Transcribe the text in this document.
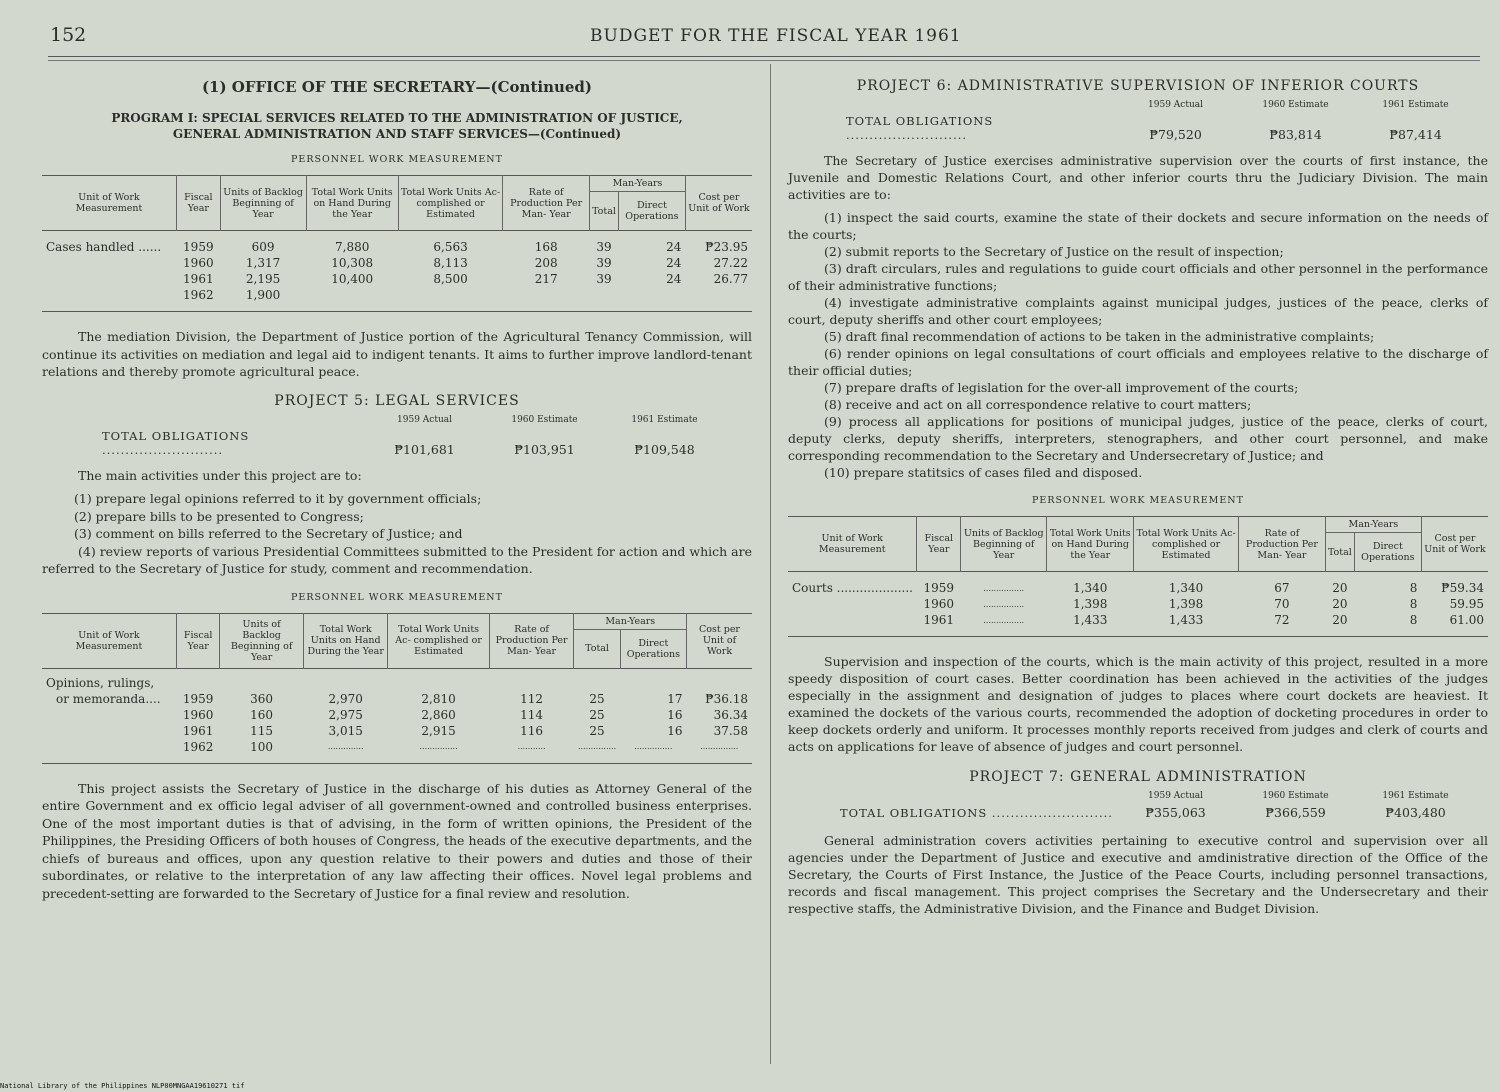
152	BUDGET FOR THE FISCAL YEAR 1961
(1) OFFICE OF THE SECRETARY—(Continued)
PROGRAM I: SPECIAL SERVICES RELATED TO THE ADMINISTRATION OF JUSTICE,
GENERAL ADMINISTRATION AND STAFF SERVICES—(Continued)
PERSONNEL WORK MEASUREMENT
Unit of Work Measurement	Fiscal Year	Units of Backlog Beginning of Year	Total Work Units on Hand During the Year	Total Work Units Ac- complished or Estimated	Rate of Production Per Man- Year	Man-Years		Cost per Unit of Work
						Total	Direct Operations	

Cases handled ......	1959	609	7,880	6,563	168	39	24	₱23.95
	1960	1,317	10,308	8,113	208	39	24	27.22
	1961	2,195	10,400	8,500	217	39	24	26.77
	1962	1,900						

The mediation Division, the Department of Justice portion of the Agricultural Tenancy Commission, will continue its activities on mediation and legal aid to indigent tenants. It aims to further improve landlord-tenant relations and thereby promote agricultural peace.

PROJECT 5: LEGAL SERVICES
1959 Actual	1960 Estimate	1961 Estimate
TOTAL OBLIGATIONS ..........................	₱101,681	₱103,951	₱109,548

The main activities under this project are to:

(1) prepare legal opinions referred to it by government officials;
(2) prepare bills to be presented to Congress;
(3) comment on bills referred to the Secretary of Justice; and
(4) review reports of various Presidential Committees submitted to the President for action and which are referred to the Secretary of Justice for study, comment and recommendation.
PERSONNEL WORK MEASUREMENT
Unit of Work Measurement	Fiscal Year	Units of Backlog Beginning of Year	Total Work Units on Hand During the Year	Total Work Units Ac- complished or Estimated	Rate of Production Per Man- Year	Man-Years		Cost per Unit of Work
						Total	Direct Operations	

Opinions, rulings,								
or memoranda....	1959	360	2,970	2,810	112	25	17	₱36.18
	1960	160	2,975	2,860	114	25	16	36.34
	1961	115	3,015	2,915	116	25	16	37.58
	1962	100	..............	...............	...........	...............	...............	...............

This project assists the Secretary of Justice in the discharge of his duties as Attorney General of the entire Government and ex officio legal adviser of all government-owned and controlled business enterprises. One of the most important duties is that of advising, in the form of written opinions, the President of the Philippines, the Presiding Officers of both houses of Congress, the heads of the executive departments, and the chiefs of bureaus and offices, upon any question relative to their powers and duties and those of their subordinates, or relative to the interpretation of any law affecting their offices. Novel legal problems and precedent-setting are forwarded to the Secretary of Justice for a final review and resolution.

PROJECT 6: ADMINISTRATIVE SUPERVISION OF INFERIOR COURTS
1959 Actual	1960 Estimate	1961 Estimate
TOTAL OBLIGATIONS ..........................	₱79,520	₱83,814	₱87,414

The Secretary of Justice exercises administrative supervision over the courts of first instance, the Juvenile and Domestic Relations Court, and other inferior courts thru the Judiciary Division. The main activities are to:

(1) inspect the said courts, examine the state of their dockets and secure information on the needs of the courts;
(2) submit reports to the Secretary of Justice on the result of inspection;
(3) draft circulars, rules and regulations to guide court officials and other personnel in the performance of their administrative functions;
(4) investigate administrative complaints against municipal judges, justices of the peace, clerks of court, deputy sheriffs and other court employees;
(5) draft final recommendation of actions to be taken in the administrative complaints;
(6) render opinions on legal consultations of court officials and employees relative to the discharge of their official duties;
(7) prepare drafts of legislation for the over-all improvement of the courts;
(8) receive and act on all correspondence relative to court matters;
(9) process all applications for positions of municipal judges, justice of the peace, clerks of court, deputy clerks, deputy sheriffs, interpreters, stenographers, and other court personnel, and make corresponding recommendation to the Secretary and Undersecretary of Justice; and
(10) prepare statitsics of cases filed and disposed.
PERSONNEL WORK MEASUREMENT
Unit of Work Measurement	Fiscal Year	Units of Backlog Beginning of Year	Total Work Units on Hand During the Year	Total Work Units Ac- complished or Estimated	Rate of Production Per Man- Year	Man-Years		Cost per Unit of Work
						Total	Direct Operations	

Courts ....................	1959	................	1,340	1,340	67	20	8	₱59.34
	1960	................	1,398	1,398	70	20	8	59.95
	1961	................	1,433	1,433	72	20	8	61.00

Supervision and inspection of the courts, which is the main activity of this project, resulted in a more speedy disposition of court cases. Better coordination has been achieved in the activities of the judges especially in the assignment and designation of judges to places where court dockets are heaviest. It examined the dockets of the various courts, recommended the adoption of docketing procedures in order to keep dockets orderly and uniform. It processes monthly reports received from judges and clerk of courts and acts on applications for leave of absence of judges and court personnel.

PROJECT 7: GENERAL ADMINISTRATION
1959 Actual	1960 Estimate	1961 Estimate
TOTAL OBLIGATIONS ..........................	₱355,063	₱366,559	₱403,480

General administration covers activities pertaining to executive control and supervision over all agencies under the Department of Justice and executive and amdinistrative direction of the Office of the Secretary, the Courts of First Instance, the Justice of the Peace Courts, including personnel transactions, records and fiscal management. This project comprises the Secretary and the Undersecretary and their respective staffs, the Administrative Division, and the Finance and Budget Division.

National Library of the Philippines NLP00MNGAA19610271 tif
